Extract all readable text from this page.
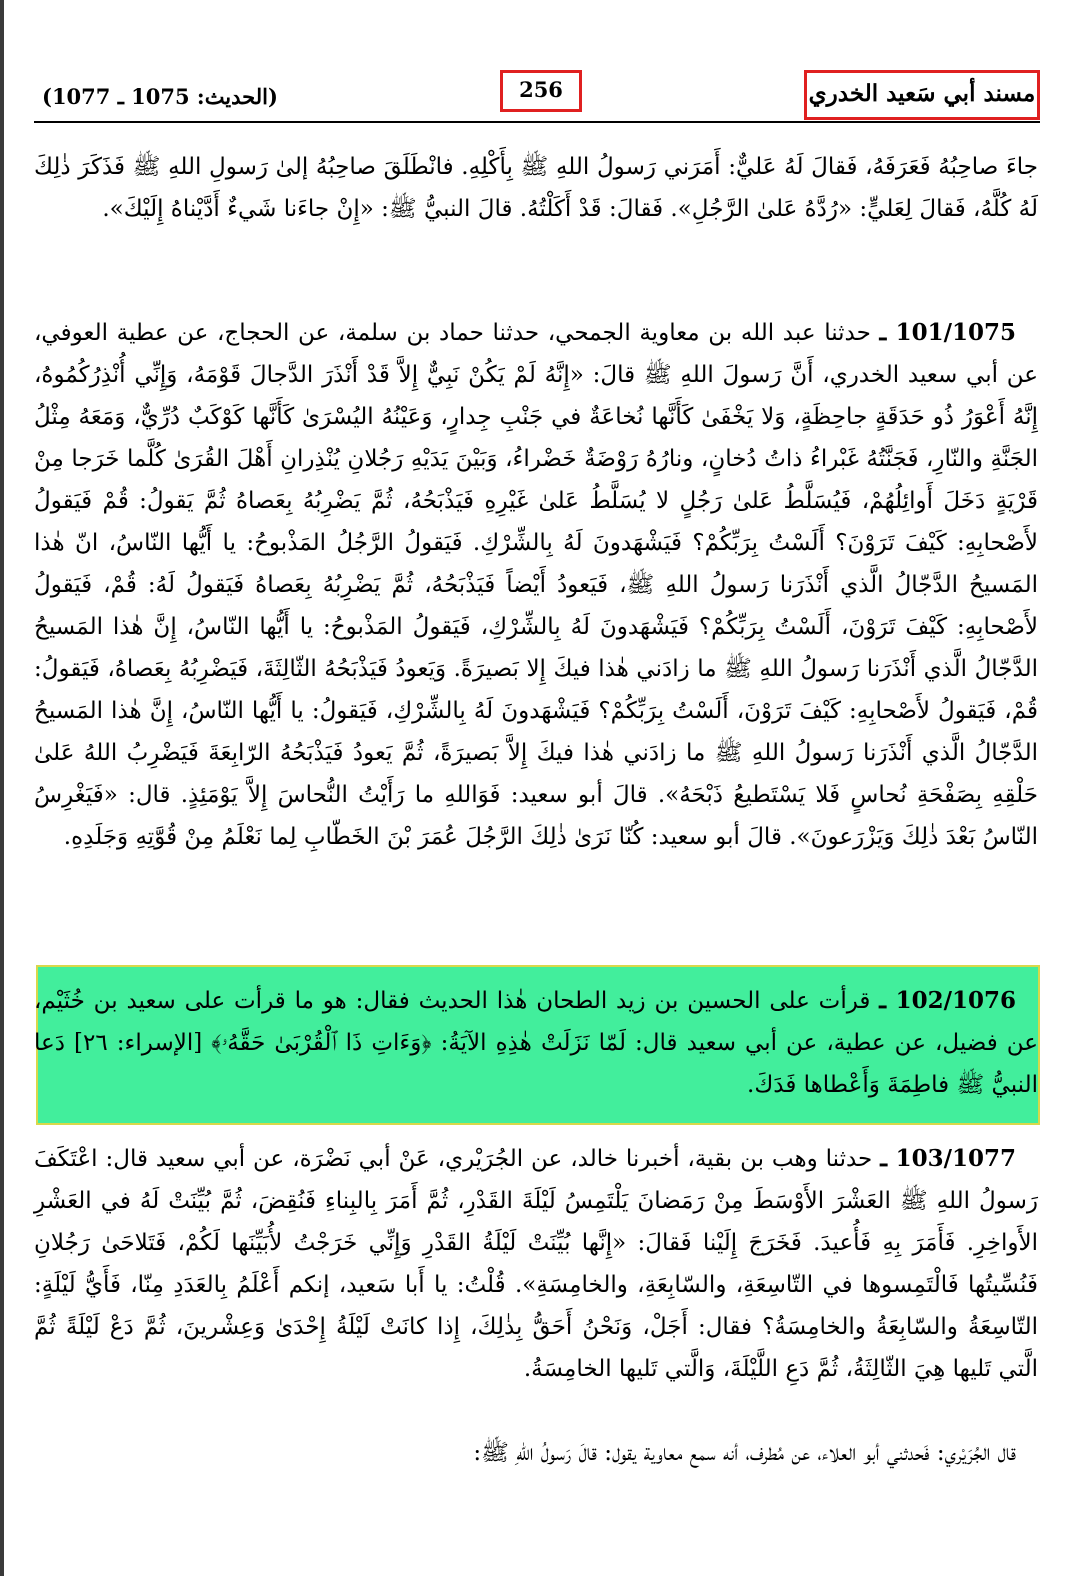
(الحديث: 1075 ـ 1077)	256	مسند أبي سَعيد الخدري

جاءَ صاحِبُهُ فَعَرَفَهُ، فَقالَ لَهُ عَليٌّ: أَمَرَني رَسولُ اللهِ ﷺ بِأَكْلِهِ. فانْطَلَقَ صاحِبُهُ إلىٰ رَسولِ اللهِ ﷺ فَذَكَرَ ذٰلِكَ لَهُ كُلَّهُ، فَقالَ لِعَليٍّ: «رُدَّهُ عَلىٰ الرَّجُلِ». فَقالَ: قَدْ أَكَلْتُهُ. قالَ النبيُّ ﷺ: «إِنْ جاءَنا شَيءٌ أَدَّيْناهُ إِلَيْكَ».

101/1075 ـ حدثنا عبد الله بن معاوية الجمحي، حدثنا حماد بن سلمة، عن الحجاج، عن عطية العوفي، عن أبي سعيد الخدري، أَنَّ رَسولَ اللهِ ﷺ قالَ: «إِنَّهُ لَمْ يَكُنْ نَبِيٌّ إِلاَّ قَدْ أَنْذَرَ الدَّجالَ قَوْمَهُ، وَإِنِّي أُنْذِرُكُمُوهُ، إِنَّهُ أَعْوَرُ ذُو حَدَقَةٍ جاحِظَةٍ، وَلا يَخْفَىٰ كَأَنَّها نُخاعَةٌ في جَنْبِ جِدارٍ، وَعَيْنُهُ اليُسْرَىٰ كَأَنَّها كَوْكَبٌ دُرِّيٌّ، وَمَعَهُ مِثْلُ الجَنَّةِ والنّارِ، فَجَنَّتُهُ غَبْراءُ ذاتُ دُخانٍ، ونارُهُ رَوْضَةٌ خَضْراءُ، وَبَيْنَ يَدَيْهِ رَجُلانِ يُنْذِرانِ أَهْلَ القُرَىٰ كُلَّما خَرَجا مِنْ قَرْيَةٍ دَخَلَ أَوائِلُهُمْ، فَيُسَلَّطُ عَلىٰ رَجُلٍ لا يُسَلَّطُ عَلىٰ غَيْرِهِ فَيَذْبَحُهُ، ثُمَّ يَضْرِبُهُ بِعَصاهُ ثُمَّ يَقولُ: قُمْ فَيَقولُ لأَصْحابِهِ: كَيْفَ تَرَوْنَ؟ أَلَسْتُ بِرَبِّكُمْ؟ فَيَشْهَدونَ لَهُ بِالشِّرْكِ. فَيَقولُ الرَّجُلُ المَذْبوحُ: يا أَيُّها النّاسُ، انّ هٰذا المَسيحُ الدَّجّالُ الَّذي أَنْذَرَنا رَسولُ اللهِ ﷺ، فَيَعودُ أَيْضاً فَيَذْبَحُهُ، ثُمَّ يَضْرِبُهُ بِعَصاهُ فَيَقولُ لَهُ: قُمْ، فَيَقولُ لأَصْحابِهِ: كَيْفَ تَرَوْنَ، أَلَسْتُ بِرَبِّكُمْ؟ فَيَشْهَدونَ لَهُ بِالشِّرْكِ، فَيَقولُ المَذْبوحُ: يا أَيُّها النّاسُ، إِنَّ هٰذا المَسيحُ الدَّجّالُ الَّذي أَنْذَرَنا رَسولُ اللهِ ﷺ ما زادَني هٰذا فيكَ إِلا بَصيرَةً. وَيَعودُ فَيَذْبَحُهُ الثّالِثَةَ، فَيَضْرِبُهُ بِعَصاهُ، فَيَقولُ: قُمْ، فَيَقولُ لأَصْحابِهِ: كَيْفَ تَرَوْنَ، أَلَسْتُ بِرَبِّكُمْ؟ فَيَشْهَدونَ لَهُ بِالشِّرْكِ، فَيَقولُ: يا أَيُّها النّاسُ، إِنَّ هٰذا المَسيحُ الدَّجّالُ الَّذي أَنْذَرَنا رَسولُ اللهِ ﷺ ما زادَني هٰذا فيكَ إِلاَّ بَصيرَةً، ثُمَّ يَعودُ فَيَذْبَحُهُ الرّابِعَةَ فَيَضْرِبُ اللهُ عَلىٰ حَلْقِهِ بِصَفْحَةِ نُحاسٍ فَلا يَسْتَطيعُ ذَبْحَهُ». قالَ أبو سعيد: فَوَاللهِ ما رَأَيْتُ النُّحاسَ إِلاَّ يَوْمَئِذٍ. قال: «فَيَغْرِسُ النّاسُ بَعْدَ ذٰلِكَ وَيَزْرَعونَ». قالَ أبو سعيد: كُنّا نَرَىٰ ذٰلِكَ الرَّجُلَ عُمَرَ بْنَ الخَطّابِ لِما نَعْلَمُ مِنْ قُوَّتِهِ وَجَلَدِهِ.

102/1076 ـ قرأت على الحسين بن زيد الطحان هٰذا الحديث فقال: هو ما قرأت على سعيد بن خُثَيْم، عن فضيل، عن عطية، عن أبي سعيد قال: لَمّا نَزَلَتْ هٰذِهِ الآيَةُ: ﴿وَءَاتِ ذَا ٱلْقُرْبَىٰ حَقَّهُۥ﴾ [الإسراء: ٢٦] دَعا النبيُّ ﷺ فاطِمَةَ وَأَعْطاها فَدَكَ.

103/1077 ـ حدثنا وهب بن بقية، أخبرنا خالد، عن الجُرَيْري، عَنْ أبي نَضْرَة، عن أبي سعيد قال: اعْتَكَفَ رَسولُ اللهِ ﷺ العَشْرَ الأَوْسَطَ مِنْ رَمَضانَ يَلْتَمِسُ لَيْلَةَ القَدْرِ، ثُمَّ أَمَرَ بِالبِناءِ فَنُقِضَ، ثُمَّ بُيِّنَتْ لَهُ في العَشْرِ الأَواخِرِ. فَأَمَرَ بِهِ فَأُعيدَ. فَخَرَجَ إِلَيْنا فَقالَ: «إِنَّها بُيِّنَتْ لَيْلَةُ القَدْرِ وَإِنِّي خَرَجْتُ لأُبَيِّنَها لَكُمْ، فَتَلاحَىٰ رَجُلانِ فَنُسِّيتُها فَالْتَمِسوها في التّاسِعَةِ، والسّابِعَةِ، والخامِسَةِ». قُلْتُ: يا أَبا سَعيد، إنكم أَعْلَمُ بِالعَدَدِ مِنّا، فَأَيُّ لَيْلَةٍ: التّاسِعَةُ والسّابِعَةُ والخامِسَةُ؟ فقال: أَجَلْ، وَنَحْنُ أَحَقُّ بِذٰلِكَ، إِذا كانَتْ لَيْلَةُ إِحْدَىٰ وَعِشْرينَ، ثُمَّ دَعْ لَيْلَةً ثُمَّ الَّتي تَليها هِيَ الثّالِثَةُ، ثُمَّ دَعِ اللَّيْلَةَ، وَالَّتي تَليها الخامِسَةُ.

قال الجُرَيْري: فَحدثني أبو العلاء، عن مُطرف، أنه سمع معاوية يقول: قالَ رَسولُ اللهِ ﷺ:
